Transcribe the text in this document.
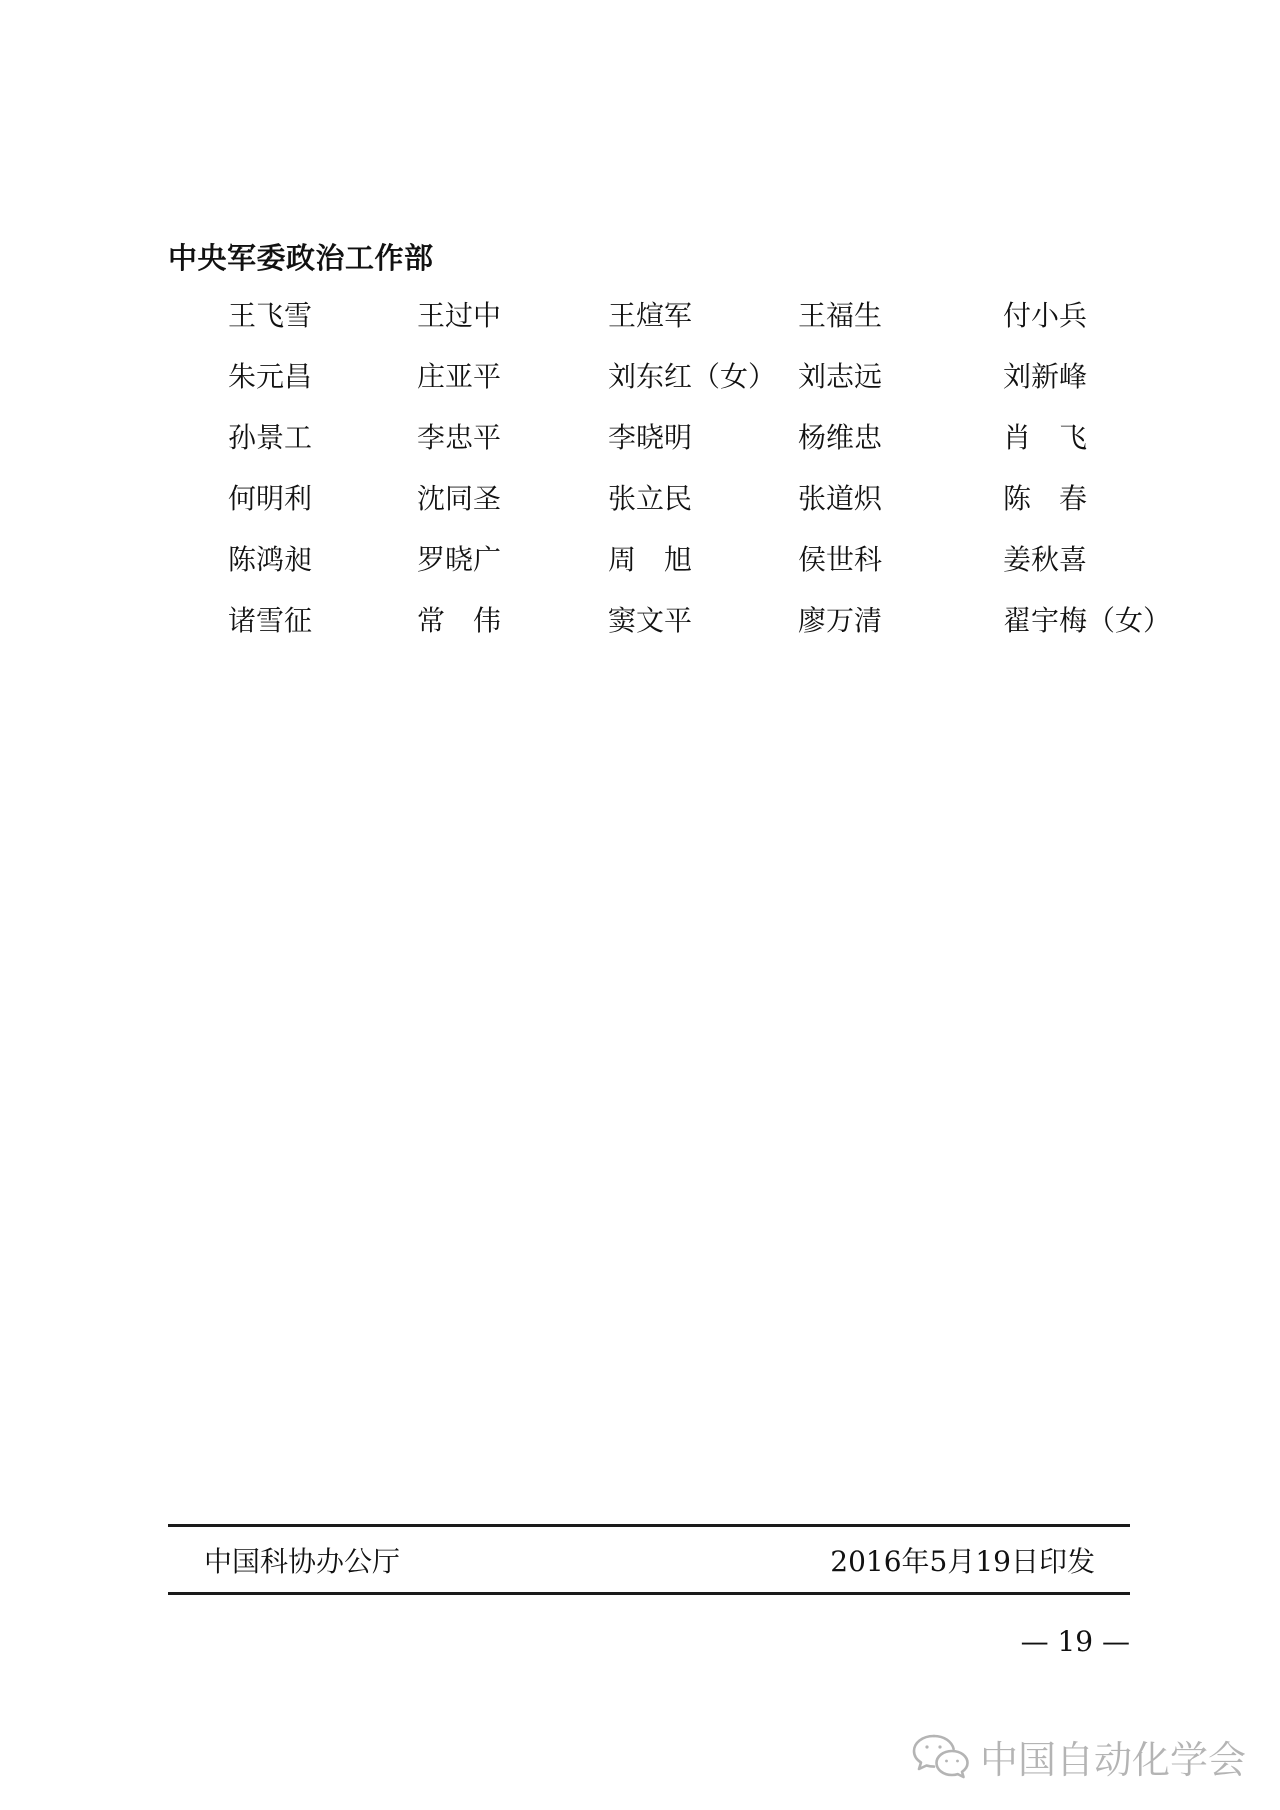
中央军委政治工作部
王飞雪	王过中	王煊军	王福生	付小兵
朱元昌	庄亚平	刘东红（女） 刘志远	刘新峰
孙景工	李忠平	李晓明	杨维忠	肖　飞
何明利	沈同圣	张立民	张道炽	陈　春
陈鸿昶	罗晓广	周　旭	侯世科	姜秋喜
诸雪征	常　伟	窦文平	廖万清	翟宇梅（女）
中国科协办公厅	2016年5月19日印发
— 19 —
中国自动化学会
